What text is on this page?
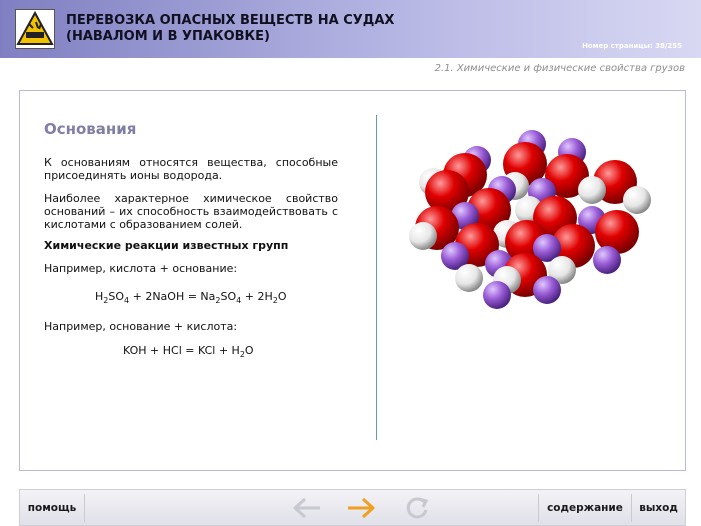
ПЕРЕВОЗКА ОПАСНЫХ ВЕЩЕСТВ НА СУДАХ
(НАВАЛОМ И В УПАКОВКЕ)
Номер страницы: 38/255
2.1. Химические и физические свойства грузов
Основания
К основаниям относятся вещества, способные присоединять ионы водорода.
Наиболее характерное химическое свойство оснований – их способность взаимодействовать с кислотами с образованием солей.
Химические реакции известных групп
Например, кислота + основание:
$H_2SO_4$ + 2NaOH = $Na_2SO_4 + 2H_2O$
Например, основание + кислота:
KOH + HCl = KCl + $H_2O$
помощь	содержание	выход
